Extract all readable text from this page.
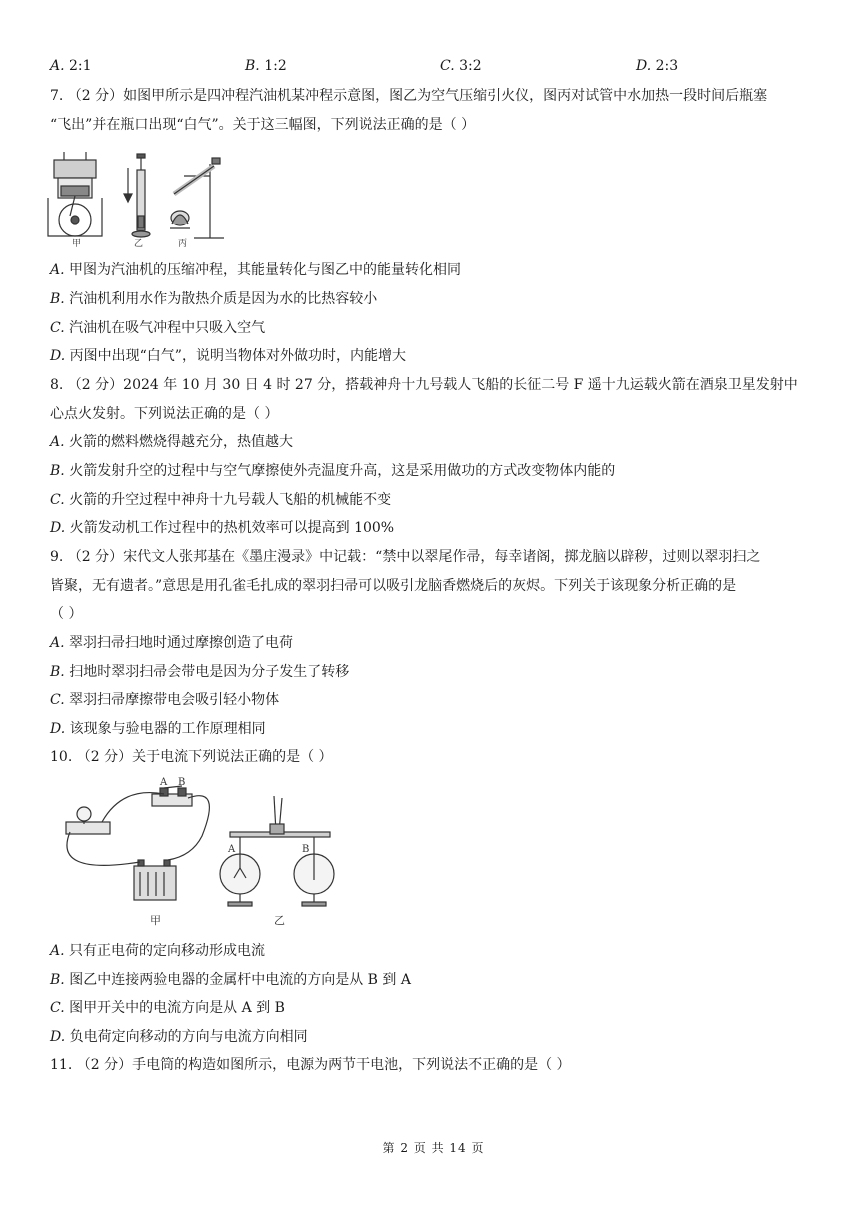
A. 2:1	B. 1:2	C. 3:2	D. 2:3
7. （2 分）如图甲所示是四冲程汽油机某冲程示意图，图乙为空气压缩引火仪，图丙对试管中水加热一段时间后瓶塞
“飞出”并在瓶口出现“白气”。关于这三幅图，下列说法正确的是（ ）
甲	乙	丙
A. 甲图为汽油机的压缩冲程，其能量转化与图乙中的能量转化相同
B. 汽油机利用水作为散热介质是因为水的比热容较小
C. 汽油机在吸气冲程中只吸入空气
D. 丙图中出现“白气”，说明当物体对外做功时，内能增大
8. （2 分）2024 年 10 月 30 日 4 时 27 分，搭载神舟十九号载人飞船的长征二号 F 遥十九运载火箭在酒泉卫星发射中
心点火发射。下列说法正确的是（ ）
A. 火箭的燃料燃烧得越充分，热值越大
B. 火箭发射升空的过程中与空气摩擦使外壳温度升高，这是采用做功的方式改变物体内能的
C. 火箭的升空过程中神舟十九号载人飞船的机械能不变
D. 火箭发动机工作过程中的热机效率可以提高到 100%
9. （2 分）宋代文人张邦基在《墨庄漫录》中记载：“禁中以翠尾作帚，每幸诸阁，掷龙脑以辟秽，过则以翠羽扫之
皆聚，无有遗者。”意思是用孔雀毛扎成的翠羽扫帚可以吸引龙脑香燃烧后的灰烬。下列关于该现象分析正确的是
（ ）
A. 翠羽扫帚扫地时通过摩擦创造了电荷
B. 扫地时翠羽扫帚会带电是因为分子发生了转移
C. 翠羽扫帚摩擦带电会吸引轻小物体
D. 该现象与验电器的工作原理相同
10. （2 分）关于电流下列说法正确的是（ ）
A B
甲
A	B
乙
A. 只有正电荷的定向移动形成电流
B. 图乙中连接两验电器的金属杆中电流的方向是从 B 到 A
C. 图甲开关中的电流方向是从 A 到 B
D. 负电荷定向移动的方向与电流方向相同
11. （2 分）手电筒的构造如图所示，电源为两节干电池，下列说法不正确的是（ ）
第 2 页 共 14 页
